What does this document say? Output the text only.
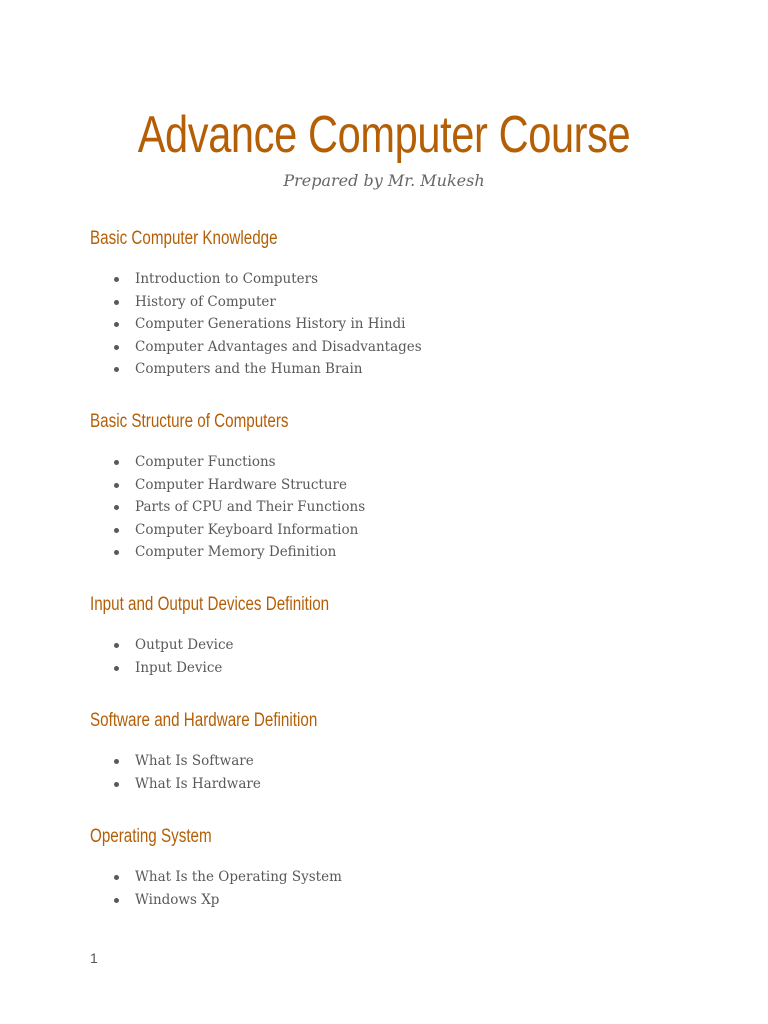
Advance Computer Course

Prepared by Mr. Mukesh

Basic Computer Knowledge
Introduction to Computers
History of Computer
Computer Generations History in Hindi
Computer Advantages and Disadvantages
Computers and the Human Brain
Basic Structure of Computers
Computer Functions
Computer Hardware Structure
Parts of CPU and Their Functions
Computer Keyboard Information
Computer Memory Definition
Input and Output Devices Definition
Output Device
Input Device
Software and Hardware Definition
What Is Software
What Is Hardware
Operating System
What Is the Operating System
Windows Xp
1
